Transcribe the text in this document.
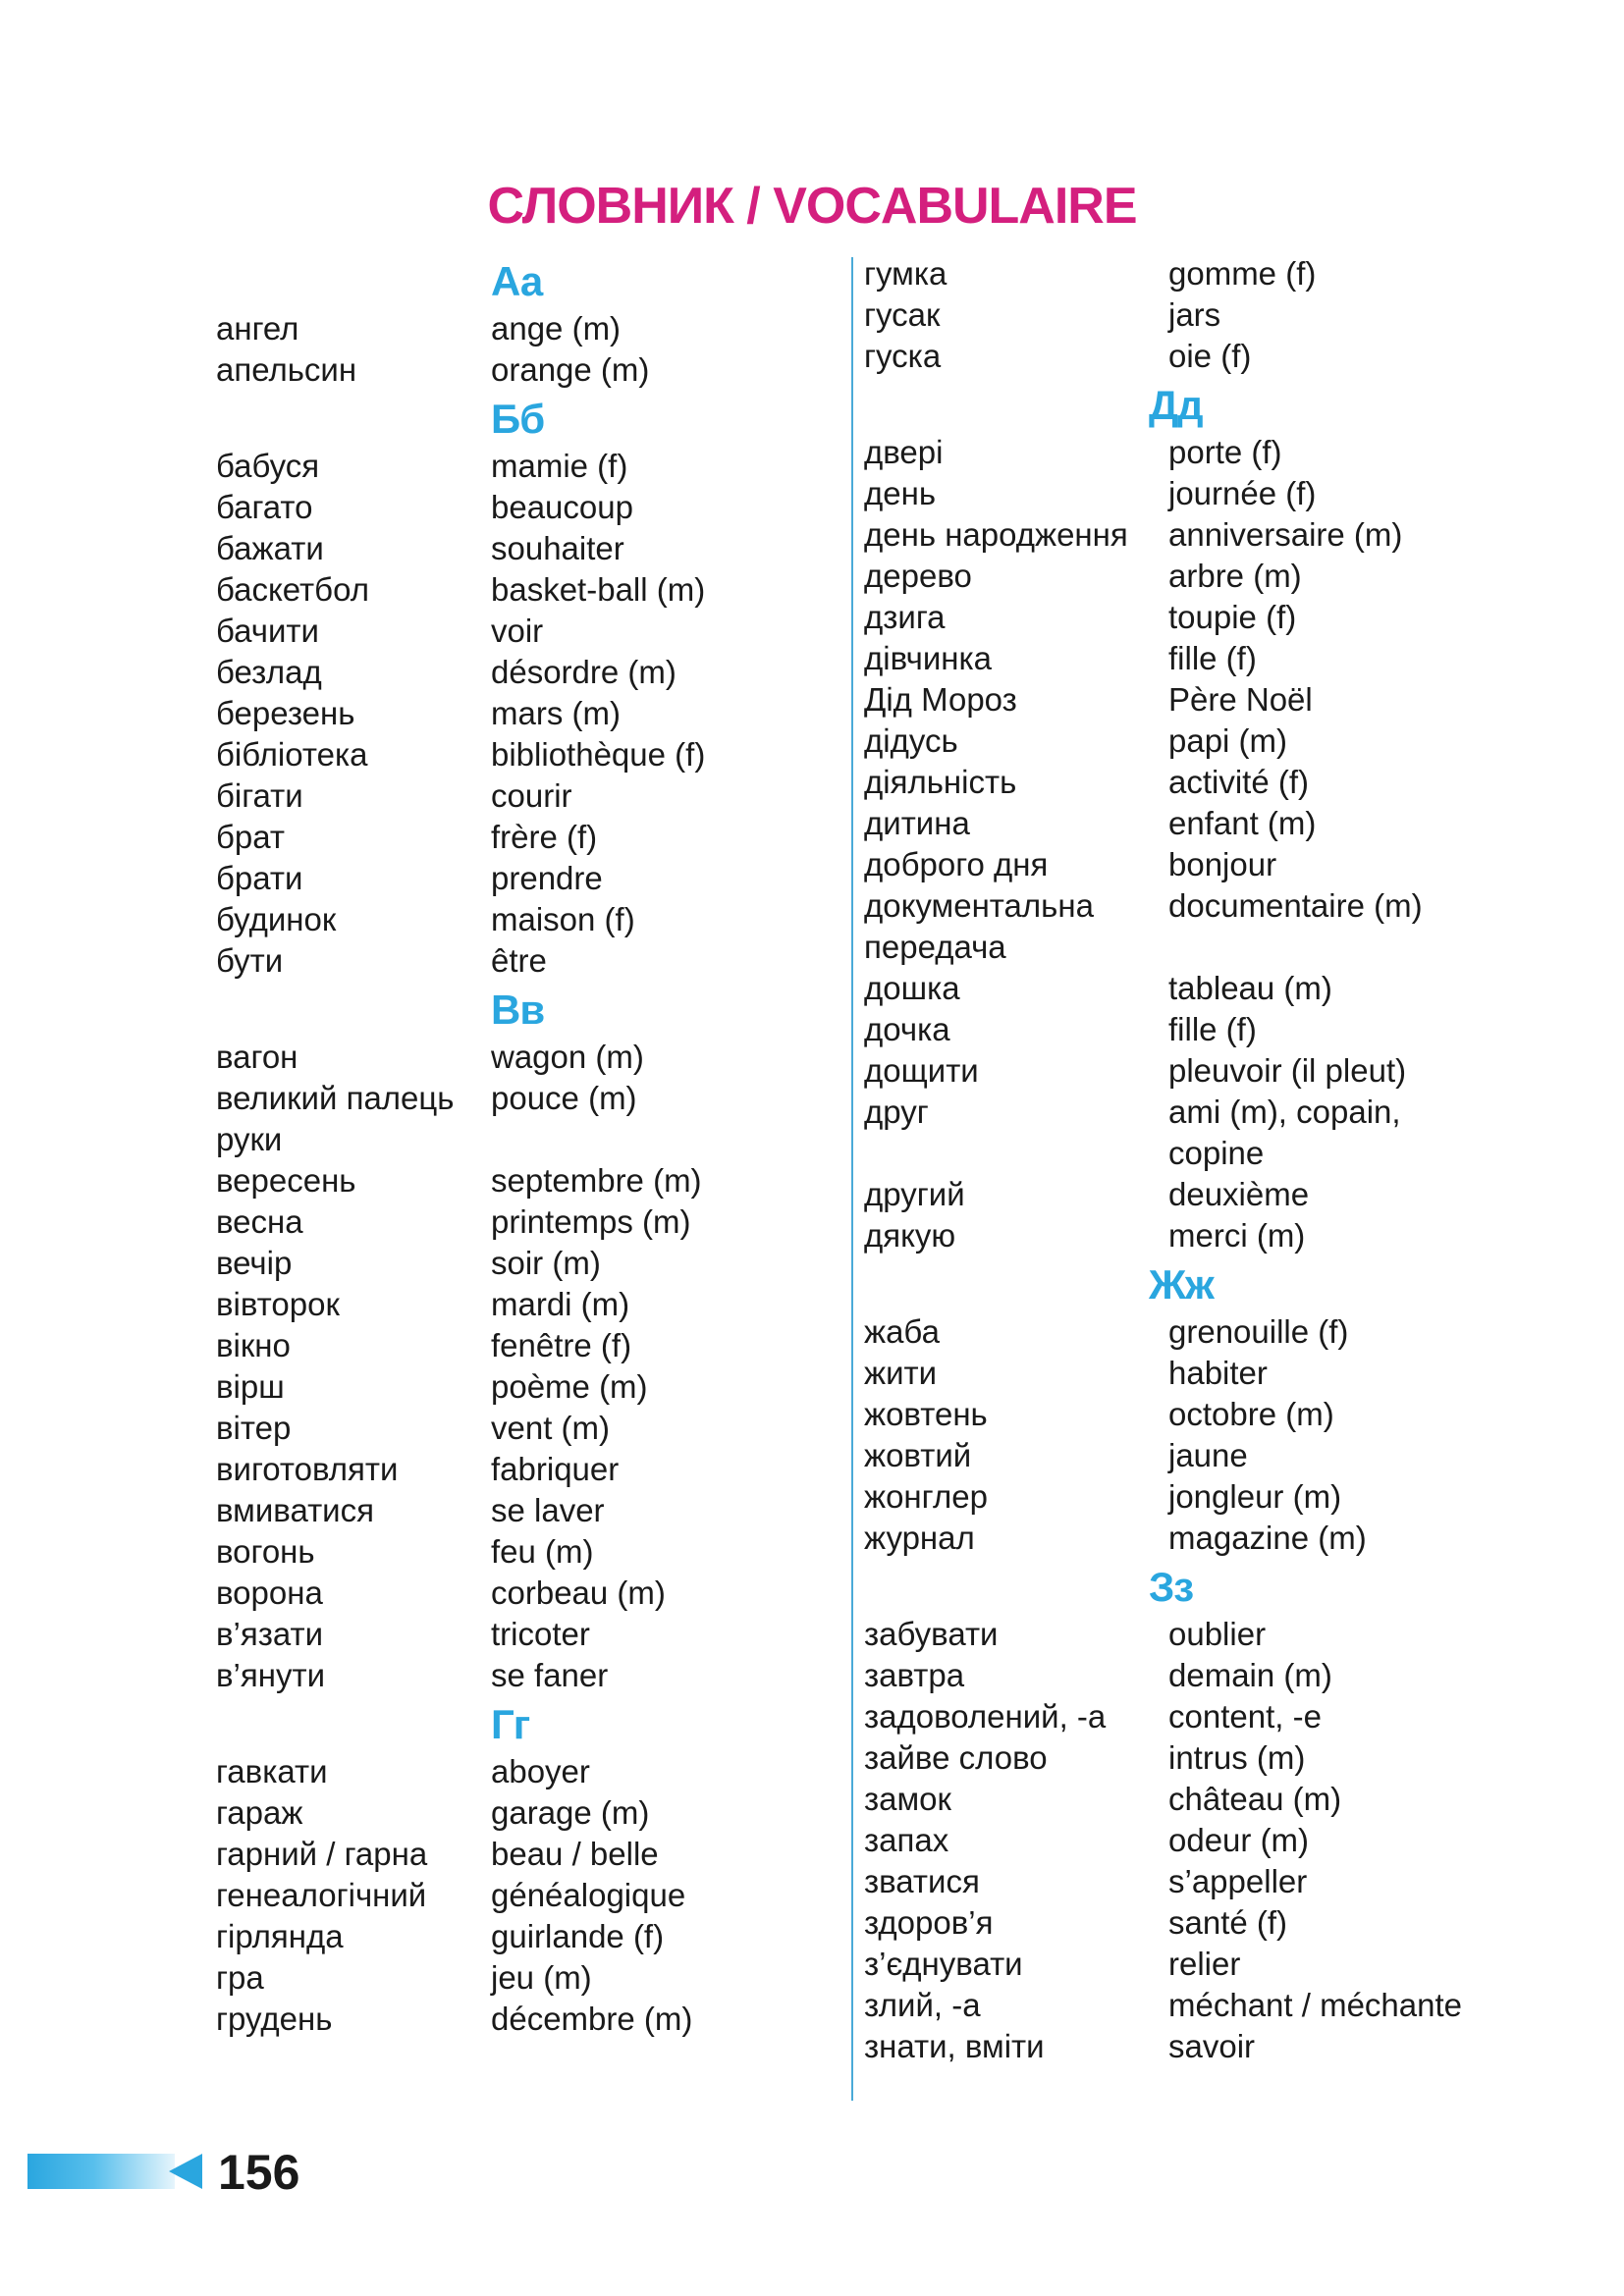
СЛОВНИК / VOCABULAIRE
Аа
ангел	ange (m)
апельсин	orange (m)
Бб
бабуся	mamie (f)
багато	beaucoup
бажати	souhaiter
баскетбол	basket-ball (m)
бачити	voir
безлад	désordre (m)
березень	mars (m)
бібліотека	bibliothèque (f)
бігати	courir
брат	frère (f)
брати	prendre
будинок	maison (f)
бути	être
Вв
вагон	wagon (m)
великий палець	pouce (m)
руки
вересень	septembre (m)
весна	printemps (m)
вечір	soir (m)
вівторок	mardi (m)
вікно	fenêtre (f)
вірш	poème (m)
вітер	vent (m)
виготовляти	fabriquer
вмиватися	se laver
вогонь	feu (m)
ворона	corbeau (m)
в’язати	tricoter
в’янути	se faner
Гг
гавкати	aboyer
гараж	garage (m)
гарний / гарна	beau / belle
генеалогічний	généalogique
гірлянда	guirlande (f)
гра	jeu (m)
грудень	décembre (m)
гумка	gomme (f)
гусак	jars
гуска	oie (f)
Дд
двері	porte (f)
день	journée (f)
день народження	anniversaire (m)
дерево	arbre (m)
дзига	toupie (f)
дівчинка	fille (f)
Дід Мороз	Père Noël
дідусь	papi (m)
діяльність	activité (f)
дитина	enfant (m)
доброго дня	bonjour
документальна	documentaire (m)
передача
дошка	tableau (m)
дочка	fille (f)
дощити	pleuvoir (il pleut)
друг	ami (m), copain,
copine
другий	deuxième
дякую	merci (m)
Жж
жаба	grenouille (f)
жити	habiter
жовтень	octobre (m)
жовтий	jaune
жонглер	jongleur (m)
журнал	magazine (m)
Зз
забувати	oublier
завтра	demain (m)
задоволений, -а	content, -e
зайве слово	intrus (m)
замок	château (m)
запах	odeur (m)
зватися	s’appeller
здоров’я	santé (f)
з’єднувати	relier
злий, -а	méchant / méchante
знати, вміти	savoir
156
